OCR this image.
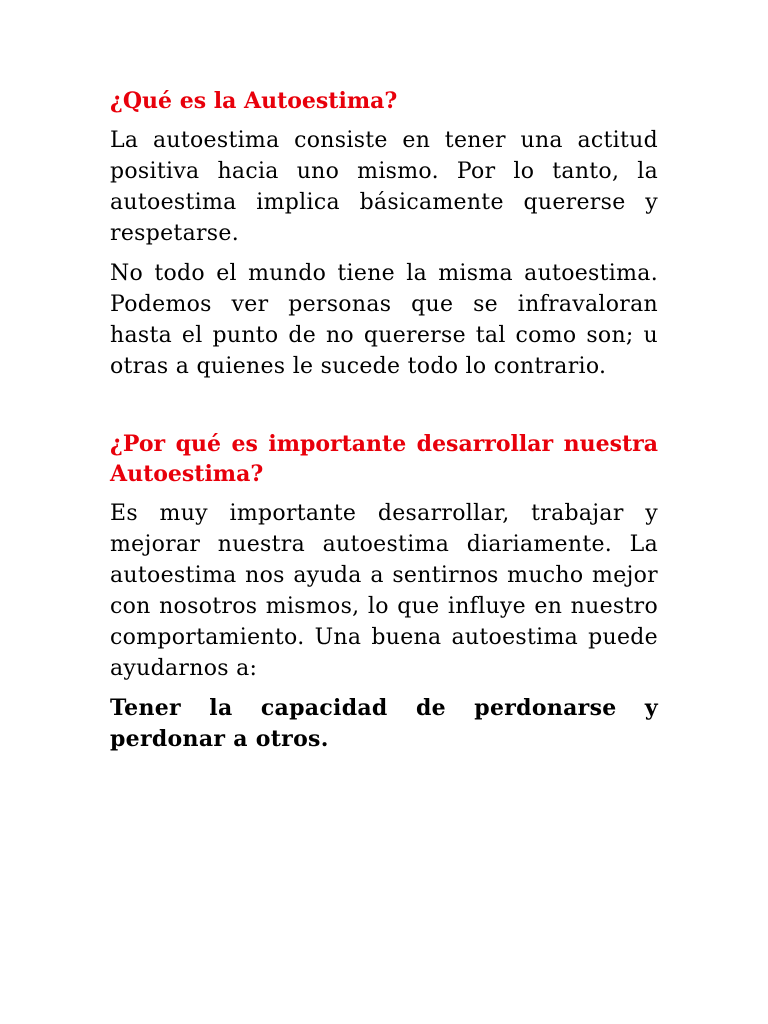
¿Qué es la Autoestima?

La autoestima consiste en tener una actitud positiva hacia uno mismo. Por lo tanto, la autoestima implica básicamente quererse y respetarse.

No todo el mundo tiene la misma autoestima. Podemos ver personas que se infravaloran hasta el punto de no quererse tal como son; u otras a quienes le sucede todo lo contrario.

¿Por qué es importante desarrollar nuestra Autoestima?

Es muy importante desarrollar, trabajar y mejorar nuestra autoestima diariamente. La autoestima nos ayuda a sentirnos mucho mejor con nosotros mismos, lo que influye en nuestro comportamiento. Una buena autoestima puede ayudarnos a:

Tener la capacidad de perdonarse y perdonar a otros.
